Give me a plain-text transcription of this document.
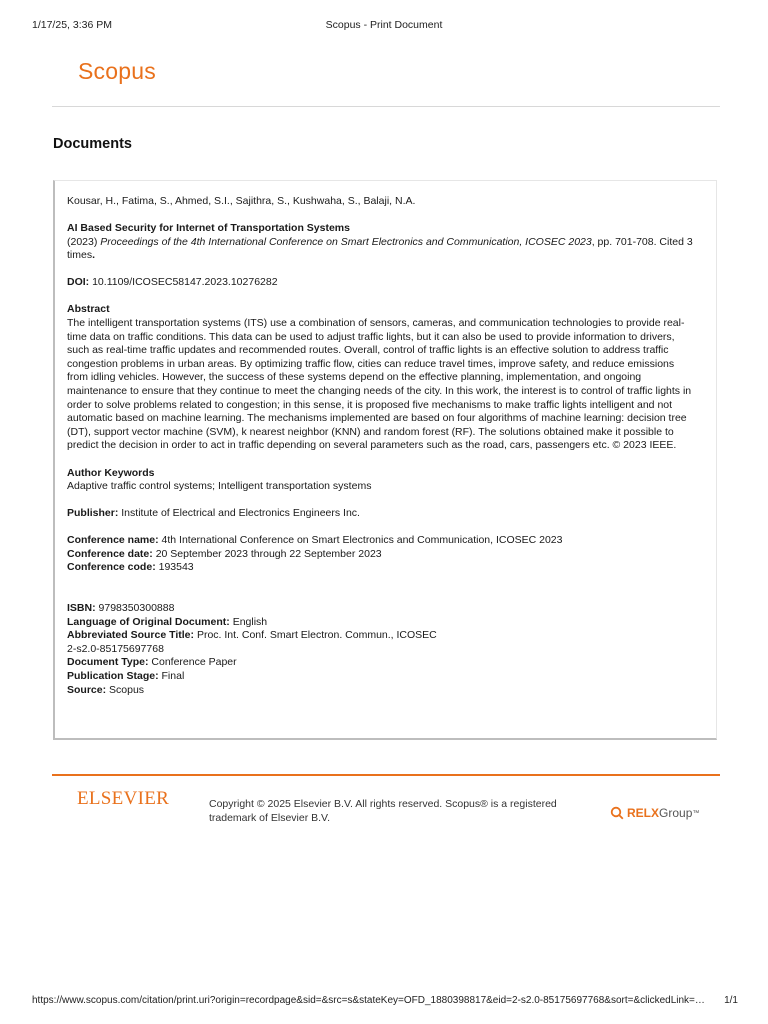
1/17/25, 3:36 PM	Scopus - Print Document
Scopus
Documents

Kousar, H., Fatima, S., Ahmed, S.I., Sajithra, S., Kushwaha, S., Balaji, N.A.

AI Based Security for Internet of Transportation Systems

(2023) Proceedings of the 4th International Conference on Smart Electronics and Communication, ICOSEC 2023, pp. 701-708. Cited 3 times.

DOI: 10.1109/ICOSEC58147.2023.10276282

Abstract

The intelligent transportation systems (ITS) use a combination of sensors, cameras, and communication technologies to provide real-time data on traffic conditions. This data can be used to adjust traffic lights, but it can also be used to provide information to drivers, such as real-time traffic updates and recommended routes. Overall, control of traffic lights is an effective solution to address traffic congestion problems in urban areas. By optimizing traffic flow, cities can reduce travel times, improve safety, and reduce emissions from idling vehicles. However, the success of these systems depend on the effective planning, implementation, and ongoing maintenance to ensure that they continue to meet the changing needs of the city. In this work, the interest is to control of traffic lights in order to solve problems related to congestion; in this sense, it is proposed five mechanisms to make traffic lights intelligent and not automatic based on machine learning. The mechanisms implemented are based on four algorithms of machine learning: decision tree (DT), support vector machine (SVM), k nearest neighbor (KNN) and random forest (RF). The solutions obtained make it possible to predict the decision in order to act in traffic depending on several parameters such as the road, cars, passengers etc. © 2023 IEEE.

Author Keywords

Adaptive traffic control systems; Intelligent transportation systems

Publisher: Institute of Electrical and Electronics Engineers Inc.

Conference name: 4th International Conference on Smart Electronics and Communication, ICOSEC 2023

Conference date: 20 September 2023 through 22 September 2023

Conference code: 193543

ISBN: 9798350300888

Language of Original Document: English

Abbreviated Source Title: Proc. Int. Conf. Smart Electron. Commun., ICOSEC

2-s2.0-85175697768

Document Type: Conference Paper

Publication Stage: Final

Source: Scopus

ELSEVIER	Copyright © 2025 Elsevier B.V. All rights reserved. Scopus® is a registered
trademark of Elsevier B.V.	RELX Group ™
https://www.scopus.com/citation/print.uri?origin=recordpage&sid=&src=s&stateKey=OFD_1880398817&eid=2-s2.0-85175697768&sort=&clickedLink=…	1/1
